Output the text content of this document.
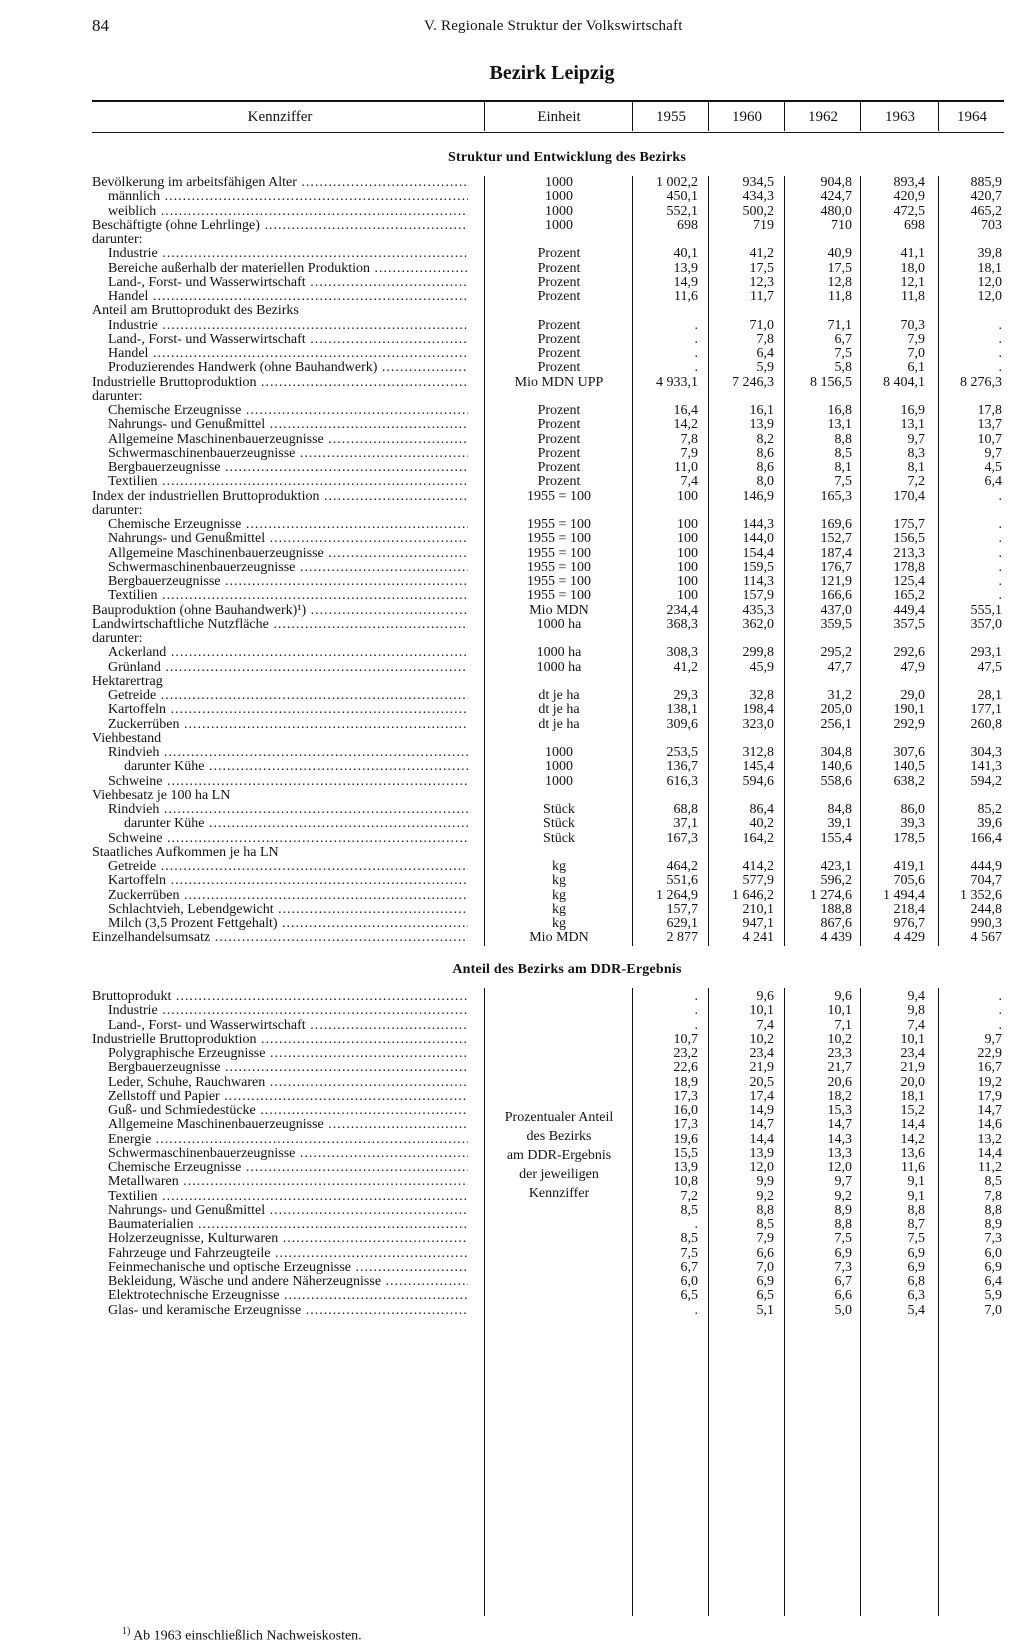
84	V. Regionale Struktur der Volkswirtschaft
Bezirk Leipzig
Kennziffer	Einheit	1955	1960	1962	1963	1964
Struktur und Entwicklung des Bezirks
Bevölkerung im arbeitsfähigen Alter .....	1000	1 002,2	934,5	904,8	893,4	885,9
männlich .....	1000	450,1	434,3	424,7	420,9	420,7
weiblich .....	1000	552,1	500,2	480,0	472,5	465,2
Beschäftigte (ohne Lehrlinge) .....	1000	698	719	710	698	703
darunter:
Industrie .....	Prozent	40,1	41,2	40,9	41,1	39,8
Bereiche außerhalb der materiellen Produktion .....	Prozent	13,9	17,5	17,5	18,0	18,1
Land-, Forst- und Wasserwirtschaft .....	Prozent	14,9	12,3	12,8	12,1	12,0
Handel .....	Prozent	11,6	11,7	11,8	11,8	12,0
Anteil am Bruttoprodukt des Bezirks
Industrie .....	Prozent	.	71,0	71,1	70,3	.
Land-, Forst- und Wasserwirtschaft .....	Prozent	.	7,8	6,7	7,9	.
Handel .....	Prozent	.	6,4	7,5	7,0	.
Produzierendes Handwerk (ohne Bauhandwerk) .....	Prozent	.	5,9	5,8	6,1	.
Industrielle Bruttoproduktion .....	Mio MDN UPP	4 933,1	7 246,3	8 156,5	8 404,1	8 276,3
darunter:
Chemische Erzeugnisse .....	Prozent	16,4	16,1	16,8	16,9	17,8
Nahrungs- und Genußmittel .....	Prozent	14,2	13,9	13,1	13,1	13,7
Allgemeine Maschinenbauerzeugnisse .....	Prozent	7,8	8,2	8,8	9,7	10,7
Schwermaschinenbauerzeugnisse .....	Prozent	7,9	8,6	8,5	8,3	9,7
Bergbauerzeugnisse .....	Prozent	11,0	8,6	8,1	8,1	4,5
Textilien .....	Prozent	7,4	8,0	7,5	7,2	6,4
Index der industriellen Bruttoproduktion .....	1955 = 100	100	146,9	165,3	170,4	.
darunter:
Chemische Erzeugnisse .....	1955 = 100	100	144,3	169,6	175,7	.
Nahrungs- und Genußmittel .....	1955 = 100	100	144,0	152,7	156,5	.
Allgemeine Maschinenbauerzeugnisse .....	1955 = 100	100	154,4	187,4	213,3	.
Schwermaschinenbauerzeugnisse .....	1955 = 100	100	159,5	176,7	178,8	.
Bergbauerzeugnisse .....	1955 = 100	100	114,3	121,9	125,4	.
Textilien .....	1955 = 100	100	157,9	166,6	165,2	.
Bauproduktion (ohne Bauhandwerk)¹) .....	Mio MDN	234,4	435,3	437,0	449,4	555,1
Landwirtschaftliche Nutzfläche .....	1000 ha	368,3	362,0	359,5	357,5	357,0
darunter:
Ackerland .....	1000 ha	308,3	299,8	295,2	292,6	293,1
Grünland .....	1000 ha	41,2	45,9	47,7	47,9	47,5
Hektarertrag
Getreide .....	dt je ha	29,3	32,8	31,2	29,0	28,1
Kartoffeln .....	dt je ha	138,1	198,4	205,0	190,1	177,1
Zuckerrüben .....	dt je ha	309,6	323,0	256,1	292,9	260,8
Viehbestand
Rindvieh .....	1000	253,5	312,8	304,8	307,6	304,3
darunter Kühe .....	1000	136,7	145,4	140,6	140,5	141,3
Schweine .....	1000	616,3	594,6	558,6	638,2	594,2
Viehbesatz je 100 ha LN
Rindvieh .....	Stück	68,8	86,4	84,8	86,0	85,2
darunter Kühe .....	Stück	37,1	40,2	39,1	39,3	39,6
Schweine .....	Stück	167,3	164,2	155,4	178,5	166,4
Staatliches Aufkommen je ha LN
Getreide .....	kg	464,2	414,2	423,1	419,1	444,9
Kartoffeln .....	kg	551,6	577,9	596,2	705,6	704,7
Zuckerrüben .....	kg	1 264,9	1 646,2	1 274,6	1 494,4	1 352,6
Schlachtvieh, Lebendgewicht .....	kg	157,7	210,1	188,8	218,4	244,8
Milch (3,5 Prozent Fettgehalt) .....	kg	629,1	947,1	867,6	976,7	990,3
Einzelhandelsumsatz .....	Mio MDN	2 877	4 241	4 439	4 429	4 567
Anteil des Bezirks am DDR-Ergebnis
Bruttoprodukt .....	.	9,6	9,6	9,4	.
Industrie .....	.	10,1	10,1	9,8	.
Land-, Forst- und Wasserwirtschaft .....	.	7,4	7,1	7,4	.
Industrielle Bruttoproduktion .....	10,7	10,2	10,2	10,1	9,7
Polygraphische Erzeugnisse .....	23,2	23,4	23,3	23,4	22,9
Bergbauerzeugnisse .....	22,6	21,9	21,7	21,9	16,7
Leder, Schuhe, Rauchwaren .....	18,9	20,5	20,6	20,0	19,2
Zellstoff und Papier .....	17,3	17,4	18,2	18,1	17,9
Guß- und Schmiedestücke .....	16,0	14,9	15,3	15,2	14,7
Allgemeine Maschinenbauerzeugnisse .....	17,3	14,7	14,7	14,4	14,6
Energie .....	19,6	14,4	14,3	14,2	13,2
Schwermaschinenbauerzeugnisse .....	15,5	13,9	13,3	13,6	14,4
Chemische Erzeugnisse .....	13,9	12,0	12,0	11,6	11,2
Metallwaren .....	10,8	9,9	9,7	9,1	8,5
Textilien .....	7,2	9,2	9,2	9,1	7,8
Nahrungs- und Genußmittel .....	8,5	8,8	8,9	8,8	8,8
Baumaterialien .....	.	8,5	8,8	8,7	8,9
Holzerzeugnisse, Kulturwaren .....	8,5	7,9	7,5	7,5	7,3
Fahrzeuge und Fahrzeugteile .....	7,5	6,6	6,9	6,9	6,0
Feinmechanische und optische Erzeugnisse .....	6,7	7,0	7,3	6,9	6,9
Bekleidung, Wäsche und andere Näherzeugnisse .....	6,0	6,9	6,7	6,8	6,4
Elektrotechnische Erzeugnisse .....	6,5	6,5	6,6	6,3	5,9
Glas- und keramische Erzeugnisse .....	.	5,1	5,0	5,4	7,0
Prozentualer Anteil
des Bezirks
am DDR-Ergebnis
der jeweiligen
Kennziffer
$^{1)}$ Ab 1963 einschließlich Nachweiskosten.
